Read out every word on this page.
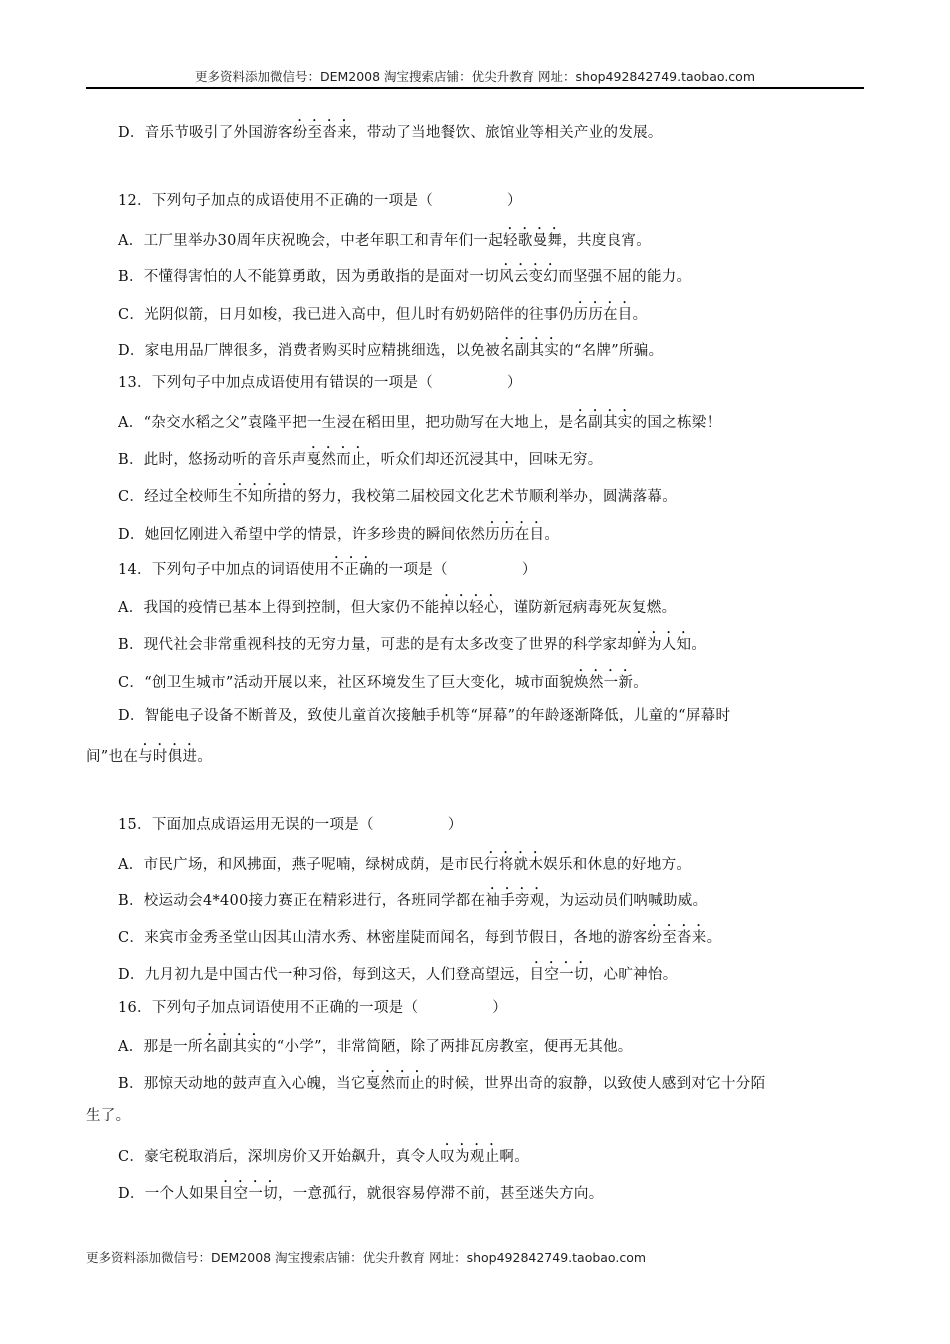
更多资料添加微信号：DEM2008 淘宝搜索店铺：优尖升教育 网址：shop492842749.taobao.com
D．音乐节吸引了外国游客纷至沓来，带动了当地餐饮、旅馆业等相关产业的发展。
12．下列句子加点的成语使用不正确的一项是（　　　　　）
A．工厂里举办30周年庆祝晚会，中老年职工和青年们一起轻歌曼舞，共度良宵。
B．不懂得害怕的人不能算勇敢，因为勇敢指的是面对一切风云变幻而坚强不屈的能力。
C．光阴似箭，日月如梭，我已进入高中，但儿时有奶奶陪伴的往事仍历历在目。
D．家电用品厂牌很多，消费者购买时应精挑细选，以免被名副其实的“名牌”所骗。
13．下列句子中加点成语使用有错误的一项是（　　　　　）
A．“杂交水稻之父”袁隆平把一生浸在稻田里，把功勋写在大地上，是名副其实的国之栋梁！
B．此时，悠扬动听的音乐声戛然而止，听众们却还沉浸其中，回味无穷。
C．经过全校师生不知所措的努力，我校第二届校园文化艺术节顺利举办，圆满落幕。
D．她回忆刚进入希望中学的情景，许多珍贵的瞬间依然历历在目。
14．下列句子中加点的词语使用不正确的一项是（　　　　　）
A．我国的疫情已基本上得到控制，但大家仍不能掉以轻心，谨防新冠病毒死灰复燃。
B．现代社会非常重视科技的无穷力量，可悲的是有太多改变了世界的科学家却鲜为人知。
C．“创卫生城市”活动开展以来，社区环境发生了巨大变化，城市面貌焕然一新。
D．智能电子设备不断普及，致使儿童首次接触手机等“屏幕”的年龄逐渐降低，儿童的“屏幕时
间”也在与时俱进。
15．下面加点成语运用无误的一项是（　　　　　）
A．市民广场，和风拂面，燕子呢喃，绿树成荫，是市民行将就木娱乐和休息的好地方。
B．校运动会4*400接力赛正在精彩进行，各班同学都在袖手旁观，为运动员们呐喊助威。
C．来宾市金秀圣堂山因其山清水秀、林密崖陡而闻名，每到节假日，各地的游客纷至沓来。
D．九月初九是中国古代一种习俗，每到这天，人们登高望远，目空一切，心旷神怡。
16．下列句子加点词语使用不正确的一项是（　　　　　）
A．那是一所名副其实的“小学”，非常简陋，除了两排瓦房教室，便再无其他。
B．那惊天动地的鼓声直入心魄，当它戛然而止的时候，世界出奇的寂静，以致使人感到对它十分陌
生了。
C．豪宅税取消后，深圳房价又开始飙升，真令人叹为观止啊。
D．一个人如果目空一切，一意孤行，就很容易停滞不前，甚至迷失方向。
更多资料添加微信号：DEM2008 淘宝搜索店铺：优尖升教育 网址：shop492842749.taobao.com
